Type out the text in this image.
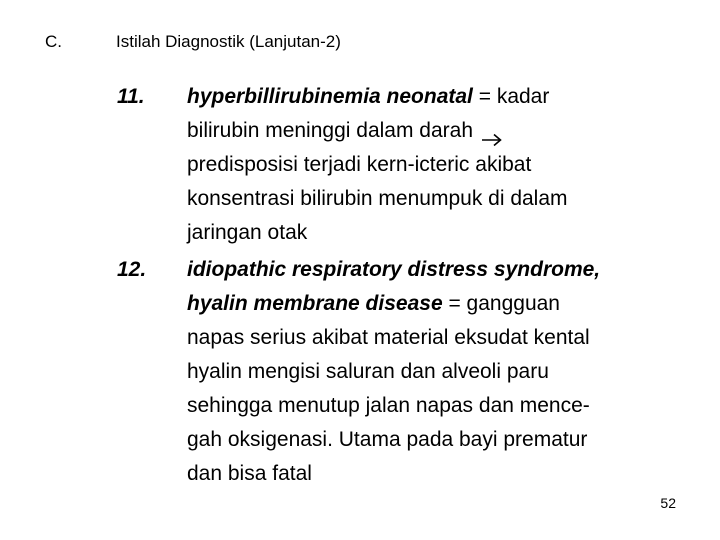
C.	Istilah Diagnostik (Lanjutan-2)
11. hyperbillirubinemia neonatal = kadar
bilirubin meninggi dalam darah
predisposisi terjadi kern-icteric akibat
konsentrasi bilirubin menumpuk di dalam
jaringan otak
12. idiopathic respiratory distress syndrome,
hyalin membrane disease = gangguan
napas serius akibat material eksudat kental
hyalin mengisi saluran dan alveoli paru
sehingga menutup jalan napas dan mence-
gah oksigenasi. Utama pada bayi prematur
dan bisa fatal
52
